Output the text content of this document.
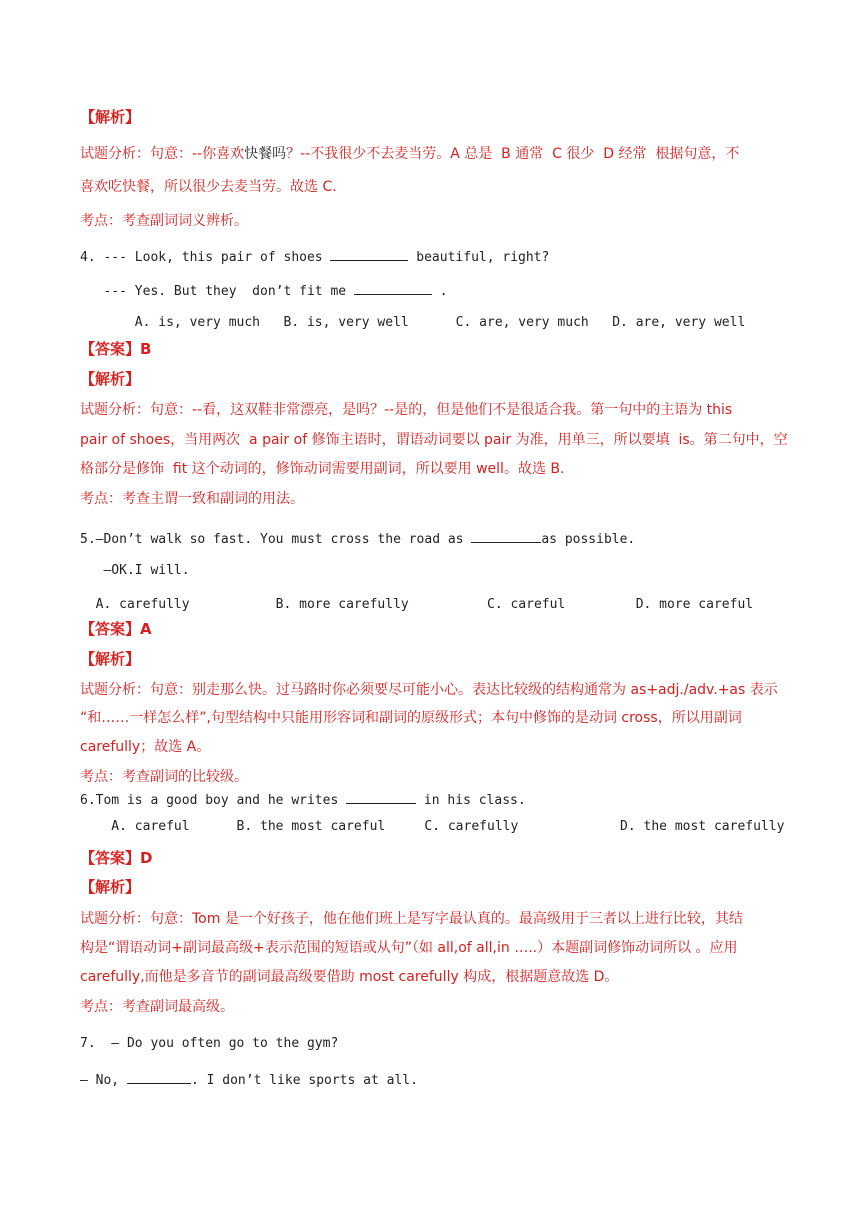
【解析】
试题分析：句意：--你喜欢快餐吗？--不我很少不去麦当劳。A 总是  B 通常  C 很少  D 经常  根据句意，不
喜欢吃快餐，所以很少去麦当劳。故选 C.
考点：考查副词词义辨析。
4. --- Look, this pair of shoes	beautiful, right?
--- Yes. But they  don’t fit me	.
A. is, very much   B. is, very well      C. are, very much   D. are, very well
【答案】B
【解析】
试题分析：句意：--看，这双鞋非常漂亮，是吗？--是的，但是他们不是很适合我。第一句中的主语为 this
pair of shoes，当用两次  a pair of 修饰主语时，谓语动词要以 pair 为准，用单三，所以要填  is。第二句中，空
格部分是修饰  fit 这个动词的，修饰动词需要用副词，所以要用 well。故选 B.
考点：考查主谓一致和副词的用法。
5.—Don’t walk so fast. You must cross the road as	as possible.
—OK.I will.
A. carefully           B. more carefully          C. careful         D. more careful
【答案】A
【解析】
试题分析：句意：别走那么快。过马路时你必须要尽可能小心。表达比较级的结构通常为 as+adj./adv.+as 表示
“和……一样怎么样”,句型结构中只能用形容词和副词的原级形式；本句中修饰的是动词 cross，所以用副词
carefully；故选 A。
考点：考查副词的比较级。
6.Tom is a good boy and he writes	in his class.
A. careful      B. the most careful     C. carefully             D. the most carefully
【答案】D
【解析】
试题分析：句意：Tom 是一个好孩子，他在他们班上是写字最认真的。最高级用于三者以上进行比较，其结
构是“谓语动词+副词最高级+表示范围的短语或从句”（如 all,of all,in …..）本题副词修饰动词所以 。应用
carefully,而他是多音节的副词最高级要借助 most carefully 构成，根据题意故选 D。
考点：考查副词最高级。
7.  – Do you often go to the gym?
– No,	. I don’t like sports at all.
